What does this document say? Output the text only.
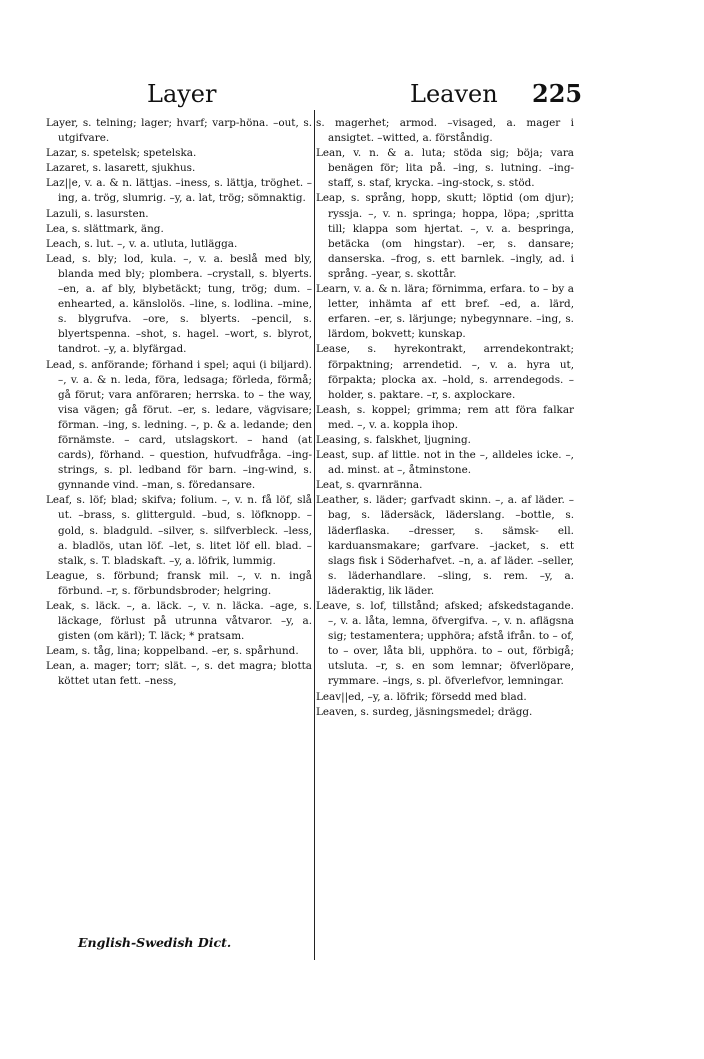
Layer	Leaven 225
Layer, s. telning; lager; hvarf; varp-höna. –out, s. utgifvare.
Lazar, s. spetelsk; spetelska.
Lazaret, s. lasarett, sjukhus.
Laz||e, v. a. & n. lättjas. –iness, s. lättja, tröghet. –ing, a. trög, slumrig. –y, a. lat, trög; sömnaktig.
Lazuli, s. lasursten.
Lea, s. slättmark, äng.
Leach, s. lut. –, v. a. utluta, lutlägga.
Lead, s. bly; lod, kula. –, v. a. beslå med bly, blanda med bly; plombera. –crystall, s. blyerts. –en, a. af bly, blybetäckt; tung, trög; dum. –enhearted, a. känslolös. –line, s. lodlina. –mine, s. blygrufva. –ore, s. blyerts. –pencil, s. blyertspenna. –shot, s. hagel. –wort, s. blyrot, tandrot. –y, a. blyfärgad.
Lead, s. anförande; förhand i spel; aqui (i biljard). –, v. a. & n. leda, föra, ledsaga; förleda, förmå; gå förut; vara anföraren; herrska. to – the way, visa vägen; gå förut. –er, s. ledare, vägvisare; förman. –ing, s. ledning. –, p. & a. ledande; den förnämste. – card, utslagskort. – hand (at cards), förhand. – question, hufvudfråga. –ing-strings, s. pl. ledband för barn. –ing-wind, s. gynnande vind. –man, s. föredansare.
Leaf, s. löf; blad; skifva; folium. –, v. n. få löf, slå ut. –brass, s. glitterguld. –bud, s. löfknopp. –gold, s. bladguld. –silver, s. silfverbleck. –less, a. bladlös, utan löf. –let, s. litet löf ell. blad. –stalk, s. T. bladskaft. –y, a. löfrik, lummig.
League, s. förbund; fransk mil. –, v. n. ingå förbund. –r, s. förbundsbroder; helgring.
Leak, s. läck. –, a. läck. –, v. n. läcka. –age, s. läckage, förlust på utrunna våtvaror. –y, a. gisten (om kärl); T. läck; * pratsam.
Leam, s. tåg, lina; koppelband. –er, s. spårhund.
Lean, a. mager; torr; slät. –, s. det magra; blotta köttet utan fett. –ness,
s. magerhet; armod. –visaged, a. mager i ansigtet. –witted, a. förståndig.
Lean, v. n. & a. luta; stöda sig; böja; vara benägen för; lita på. –ing, s. lutning. –ing-staff, s. staf, krycka. –ing-stock, s. stöd.
Leap, s. språng, hopp, skutt; löptid (om djur); ryssja. –, v. n. springa; hoppa, löpa; ,spritta till; klappa som hjertat. –, v. a. bespringa, betäcka (om hingstar). –er, s. dansare; danserska. –frog, s. ett barnlek. –ingly, ad. i språng. –year, s. skottår.
Learn, v. a. & n. lära; förnimma, erfara. to – by a letter, inhämta af ett bref. –ed, a. lärd, erfaren. –er, s. lärjunge; nybegynnare. –ing, s. lärdom, bokvett; kunskap.
Lease, s. hyrekontrakt, arrendekontrakt; förpaktning; arrendetid. –, v. a. hyra ut, förpakta; plocka ax. –hold, s. arrendegods. –holder, s. paktare. –r, s. axplockare.
Leash, s. koppel; grimma; rem att föra falkar med. –, v. a. koppla ihop.
Leasing, s. falskhet, ljugning.
Least, sup. af little. not in the –, alldeles icke. –, ad. minst. at –, åtminstone.
Leat, s. qvarnränna.
Leather, s. läder; garfvadt skinn. –, a. af läder. –bag, s. lädersäck, läderslang. –bottle, s. läderflaska. –dresser, s. sämsk- ell. karduansmakare; garfvare. –jacket, s. ett slags fisk i Söderhafvet. –n, a. af läder. –seller, s. läderhandlare. –sling, s. rem. –y, a. läderaktig, lik läder.
Leave, s. lof, tillstånd; afsked; afskedstagande. –, v. a. låta, lemna, öfvergifva. –, v. n. aflägsna sig; testamentera; upphöra; afstå ifrån. to – of, to – over, låta bli, upphöra. to – out, förbigå; utsluta. –r, s. en som lemnar; öfverlöpare, rymmare. –ings, s. pl. öfverlefvor, lemningar.
Leav||ed, –y, a. löfrik; försedd med blad.
Leaven, s. surdeg, jäsningsmedel; drägg.
English-Swedish Dict.
